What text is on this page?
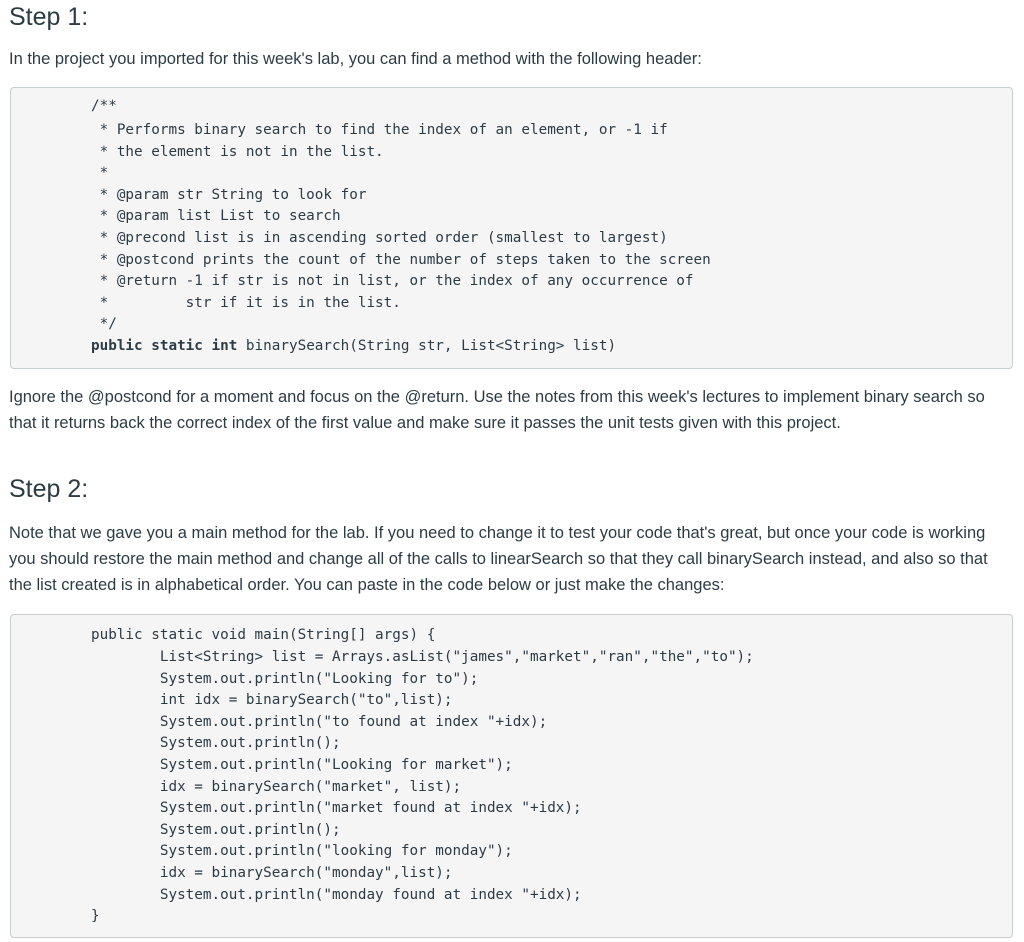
Step 1:

In the project you imported for this week's lab, you can find a method with the following header:

/**
* Performs binary search to find the index of an element, or -1 if
* the element is not in the list.
*
* @param str String to look for
* @param list List to search
* @precond list is in ascending sorted order (smallest to largest)
* @postcond prints the count of the number of steps taken to the screen
* @return -1 if str is not in list, or the index of any occurrence of
*         str if it is in the list.
*/
public static int binarySearch(String str, List<String> list)

Ignore the @postcond for a moment and focus on the @return. Use the notes from this week's lectures to implement binary search so that it returns back the correct index of the first value and make sure it passes the unit tests given with this project.

Step 2:

Note that we gave you a main method for the lab. If you need to change it to test your code that's great, but once your code is working you should restore the main method and change all of the calls to linearSearch so that they call binarySearch instead, and also so that the list created is in alphabetical order. You can paste in the code below or just make the changes:

public static void main(String[] args) {
List<String> list = Arrays.asList("james","market","ran","the","to");
System.out.println("Looking for to");
int idx = binarySearch("to",list);
System.out.println("to found at index "+idx);
System.out.println();
System.out.println("Looking for market");
idx = binarySearch("market", list);
System.out.println("market found at index "+idx);
System.out.println();
System.out.println("looking for monday");
idx = binarySearch("monday",list);
System.out.println("monday found at index "+idx);
}
